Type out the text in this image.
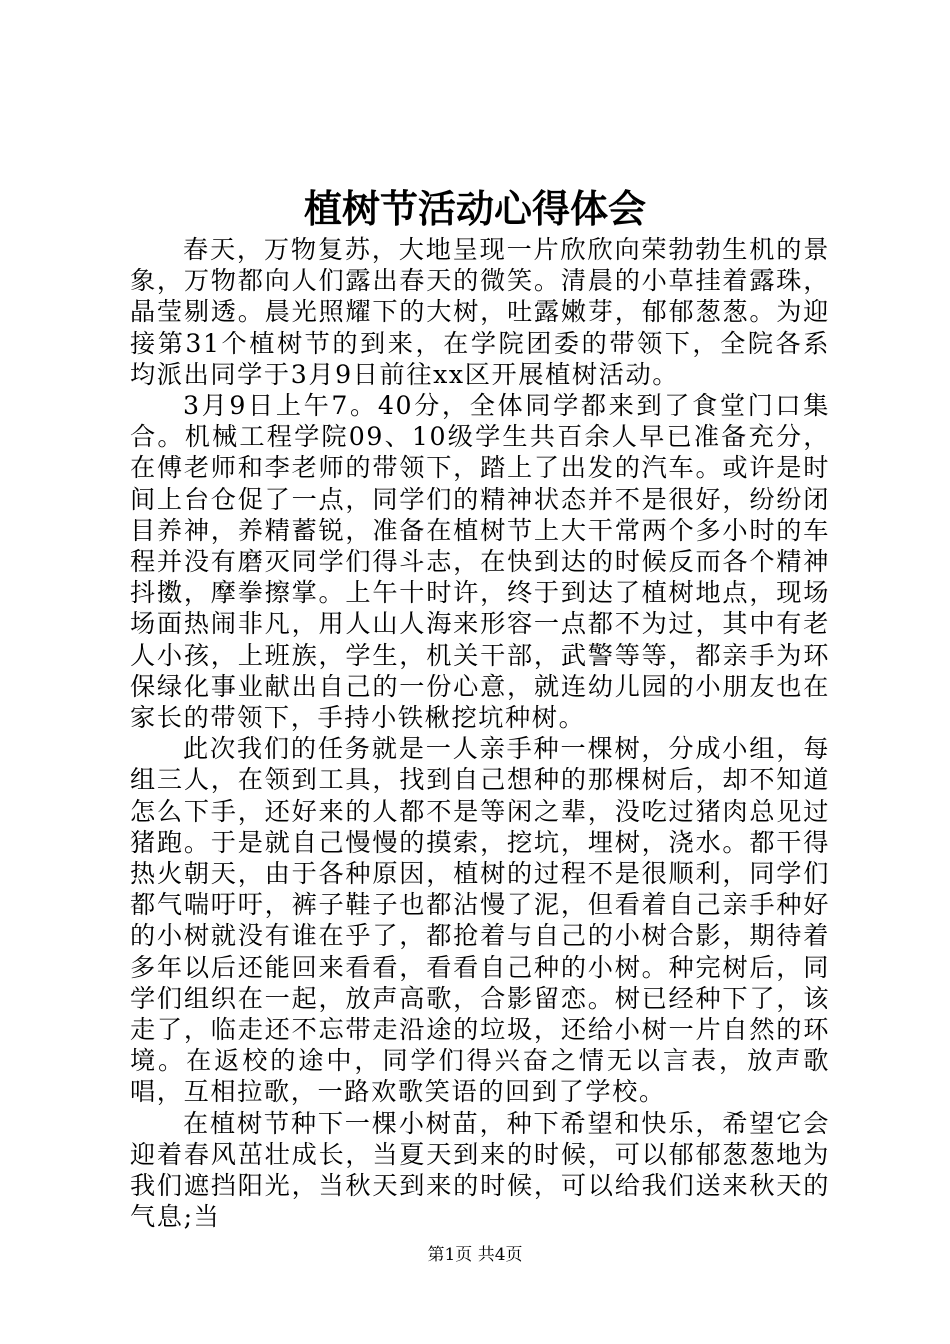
植树节活动心得体会

春天，万物复苏，大地呈现一片欣欣向荣勃勃生机的景象，万物都向人们露出春天的微笑。清晨的小草挂着露珠，晶莹剔透。晨光照耀下的大树，吐露嫩芽，郁郁葱葱。为迎接第31个植树节的到来，在学院团委的带领下，全院各系均派出同学于3月9日前往xx区开展植树活动。

3月9日上午7。40分，全体同学都来到了食堂门口集合。机械工程学院09、10级学生共百余人早已准备充分，在傅老师和李老师的带领下，踏上了出发的汽车。或许是时间上台仓促了一点，同学们的精神状态并不是很好，纷纷闭目养神，养精蓄锐，准备在植树节上大干常两个多小时的车程并没有磨灭同学们得斗志，在快到达的时候反而各个精神抖擞，摩拳擦掌。上午十时许，终于到达了植树地点，现场场面热闹非凡，用人山人海来形容一点都不为过，其中有老人小孩，上班族，学生，机关干部，武警等等，都亲手为环保绿化事业献出自己的一份心意，就连幼儿园的小朋友也在家长的带领下，手持小铁楸挖坑种树。

此次我们的任务就是一人亲手种一棵树，分成小组，每组三人，在领到工具，找到自己想种的那棵树后，却不知道怎么下手，还好来的人都不是等闲之辈，没吃过猪肉总见过猪跑。于是就自己慢慢的摸索，挖坑，埋树，浇水。都干得热火朝天，由于各种原因，植树的过程不是很顺利，同学们都气喘吁吁，裤子鞋子也都沾慢了泥，但看着自己亲手种好的小树就没有谁在乎了，都抢着与自己的小树合影，期待着多年以后还能回来看看，看看自己种的小树。种完树后，同学们组织在一起，放声高歌，合影留恋。树已经种下了，该走了，临走还不忘带走沿途的垃圾，还给小树一片自然的环境。在返校的途中，同学们得兴奋之情无以言表，放声歌唱，互相拉歌，一路欢歌笑语的回到了学校。

在植树节种下一棵小树苗，种下希望和快乐，希望它会迎着春风茁壮成长，当夏天到来的时候，可以郁郁葱葱地为我们遮挡阳光，当秋天到来的时候，可以给我们送来秋天的气息;当

第1页 共4页
